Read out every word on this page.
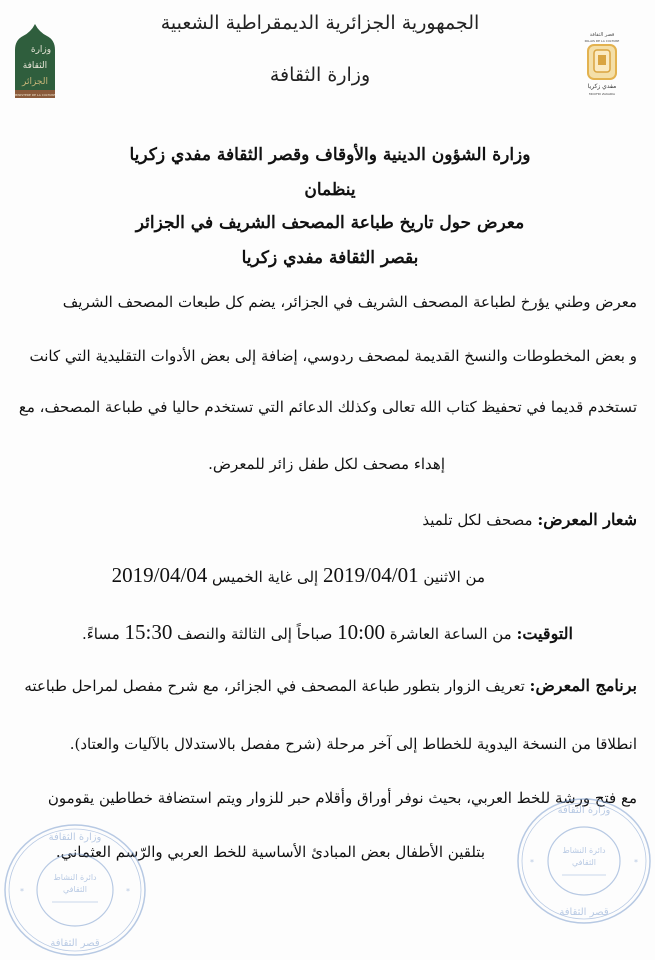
وزارة
الثقافة
الجزائر
MINISTERE DE LA CULTURE
قصر الثقافة
PALAIS DE LA CULTURE
مفدي زكريا
MOUFDI ZAKARIA
الجمهورية الجزائرية الديمقراطية الشعبية
وزارة الثقافة
وزارة الشؤون الدينية والأوقاف وقصر الثقافة مفدي زكريا
ينظمان
معرض حول تاريخ طباعة المصحف الشريف في الجزائر
بقصر الثقافة مفدي زكريا
معرض وطني يؤرخ لطباعة المصحف الشريف في الجزائر، يضم كل طبعات المصحف الشريف
و بعض المخطوطات والنسخ القديمة لمصحف ردوسي، إضافة إلى بعض الأدوات التقليدية التي كانت
تستخدم قديما في تحفيظ كتاب الله تعالى وكذلك الدعائم التي تستخدم حاليا في طباعة المصحف، مع
إهداء مصحف لكل طفل زائر للمعرض.
شعار المعرض: مصحف لكل تلميذ
من الاثنين 2019/04/01 إلى غاية الخميس 2019/04/04
التوقيت: من الساعة العاشرة 10:00 صباحاً إلى الثالثة والنصف 15:30 مساءً.
برنامج المعرض: تعريف الزوار بتطور طباعة المصحف في الجزائر، مع شرح مفصل لمراحل طباعته
انطلاقا من النسخة اليدوية للخطاط إلى آخر مرحلة (شرح مفصل بالاستدلال بالآليات والعتاد).
مع فتح ورشة للخط العربي، بحيث نوفر أوراق وأقلام حبر للزوار ويتم استضافة خطاطين يقومون
بتلقين الأطفال بعض المبادئ الأساسية للخط العربي والرّسم العثماني.
وزارة الثقافة
دائرة النشاط
الثقافي
*	*
قصر الثقافة
وزارة الثقافة
دائرة النشاط
الثقافي
*	*
قصر الثقافة
